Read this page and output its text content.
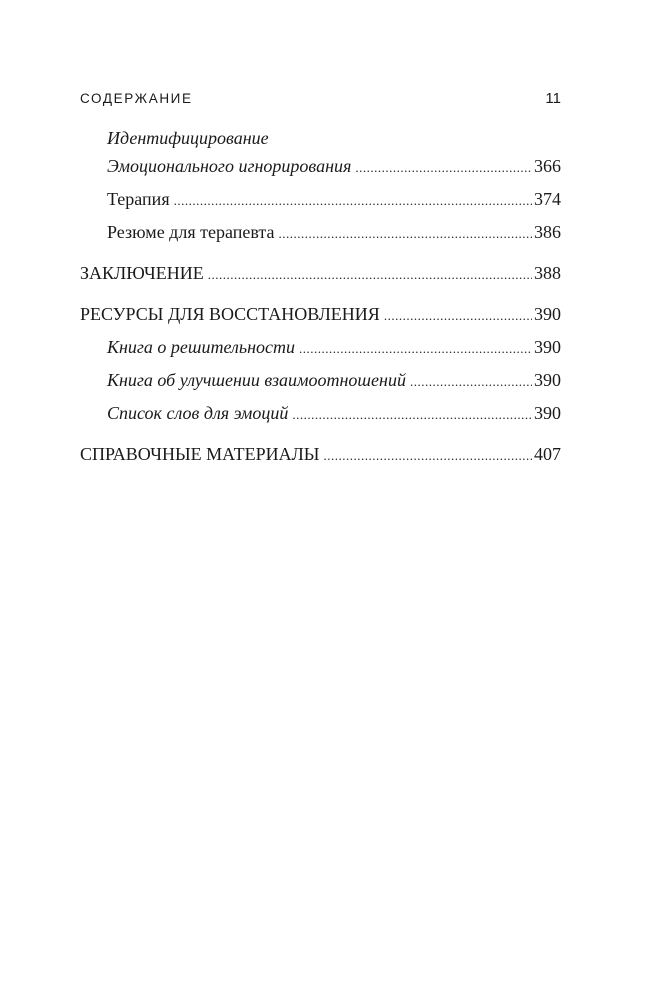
СОДЕРЖАНИЕ	11
Идентифицирование
Эмоционального игнорирования .....	366
Терапия .....	374
Резюме для терапевта .....	386
ЗАКЛЮЧЕНИЕ .....	388
РЕСУРСЫ ДЛЯ ВОССТАНОВЛЕНИЯ .....	390
Книга о решительности .....	390
Книга об улучшении взаимоотношений .....	390
Список слов для эмоций .....	390
СПРАВОЧНЫЕ МАТЕРИАЛЫ .....	407
